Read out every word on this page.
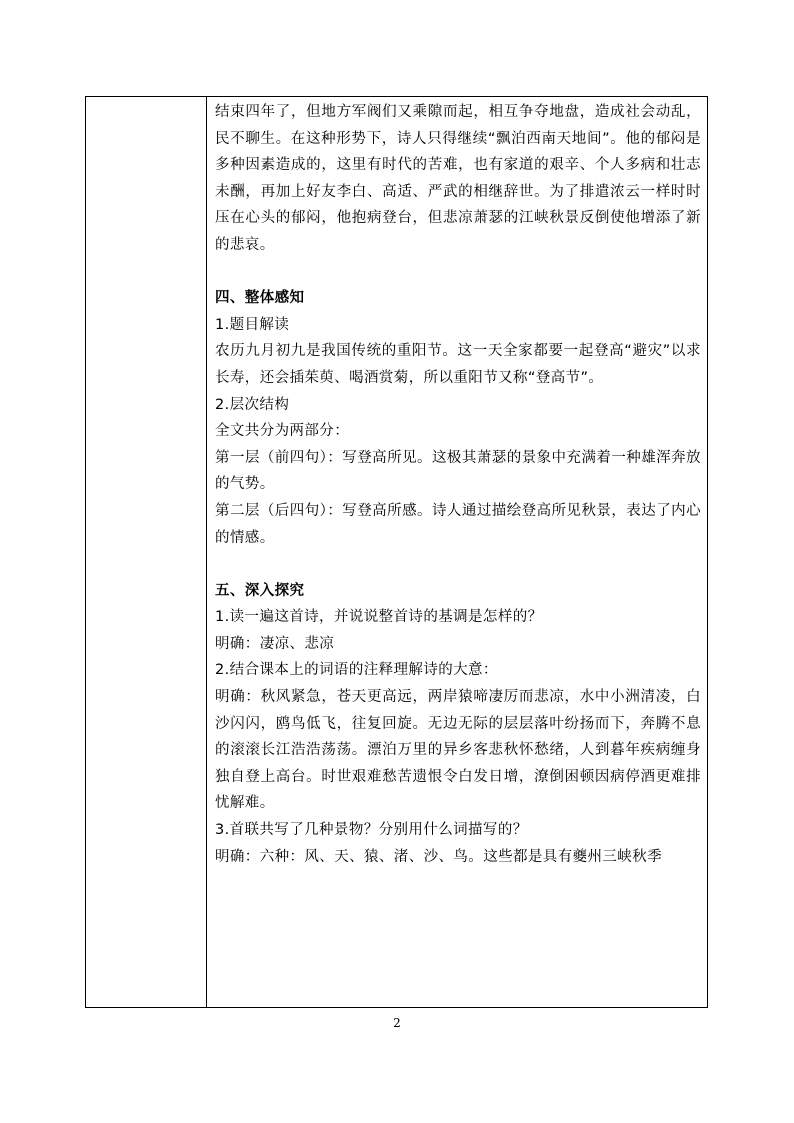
结束四年了，但地方军阀们又乘隙而起，相互争夺地盘，造成社会动乱，民不聊生。在这种形势下，诗人只得继续“飘泊西南天地间”。他的郁闷是多种因素造成的，这里有时代的苦难，也有家道的艰辛、个人多病和壮志未酬，再加上好友李白、高适、严武的相继辞世。为了排遣浓云一样时时压在心头的郁闷，他抱病登台，但悲凉萧瑟的江峡秋景反倒使他增添了新的悲哀。

四、整体感知

1.题目解读

农历九月初九是我国传统的重阳节。这一天全家都要一起登高“避灾”以求长寿，还会插茱萸、喝酒赏菊，所以重阳节又称“登高节”。

2.层次结构

全文共分为两部分：

第一层（前四句）：写登高所见。这极其萧瑟的景象中充满着一种雄浑奔放的气势。

第二层（后四句）：写登高所感。诗人通过描绘登高所见秋景，表达了内心的情感。

五、深入探究

1.读一遍这首诗，并说说整首诗的基调是怎样的？

明确：凄凉、悲凉

2.结合课本上的词语的注释理解诗的大意：

明确：秋风紧急，苍天更高远，两岸猿啼凄厉而悲凉，水中小洲清凌，白沙闪闪，鸥鸟低飞，往复回旋。无边无际的层层落叶纷扬而下，奔腾不息的滚滚长江浩浩荡荡。漂泊万里的异乡客悲秋怀愁绪，人到暮年疾病缠身独自登上高台。时世艰难愁苦遗恨令白发日增，潦倒困顿因病停酒更难排忧解难。

3.首联共写了几种景物？分别用什么词描写的？

明确：六种：风、天、猿、渚、沙、鸟。这些都是具有夔州三峡秋季

2
